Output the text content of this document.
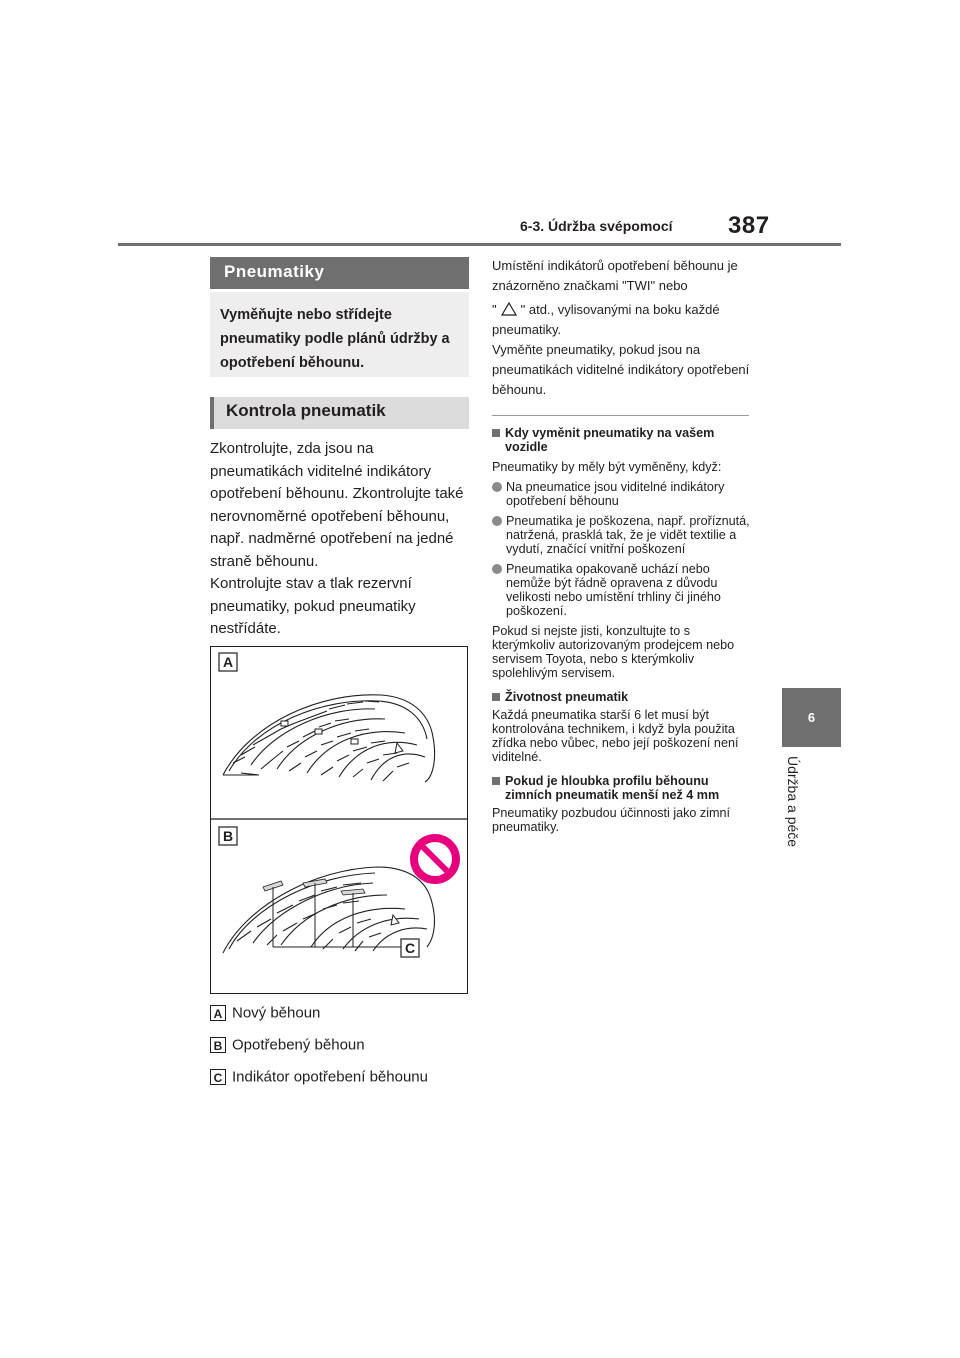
6-3. Údržba svépomocí 387
6
Údržba a péče
Pneumatiky
Vyměňujte nebo střídejte pneumatiky podle plánů údržby a opotřebení běhounu.
Kontrola pneumatik

Zkontrolujte, zda jsou na pneumatikách viditelné indikátory opotřebení běhounu. Zkontrolujte také nerovnoměrné opotřebení běhounu, např. nadměrné opotřebení na jedné straně běhounu.

Kontrolujte stav a tlak rezervní pneumatiky, pokud pneumatiky nestřídáte.

A
B
C
A Nový běhoun
B Opotřebený běhoun
C Indikátor opotřebení běhounu

Umístění indikátorů opotřebení běhounu je znázorněno značkami "TWI" nebo

" " atd., vylisovanými na boku každé pneumatiky.

Vyměňte pneumatiky, pokud jsou na pneumatikách viditelné indikátory opotřebení běhounu.

Kdy vyměnit pneumatiky na vašem vozidle

Pneumatiky by měly být vyměněny, když:

Na pneumatice jsou viditelné indikátory opotřebení běhounu

Pneumatika je poškozena, např. proříznutá, natržená, prasklá tak, že je vidět textilie a vydutí, značící vnitřní poškození

Pneumatika opakovaně uchází nebo nemůže být řádně opravena z důvodu velikosti nebo umístění trhliny či jiného poškození.

Pokud si nejste jisti, konzultujte to s kterýmkoliv autorizovaným prodejcem nebo servisem Toyota, nebo s kterýmkoliv spolehlivým servisem.

Životnost pneumatik

Každá pneumatika starší 6 let musí být kontrolována technikem, i když byla použita zřídka nebo vůbec, nebo její poškození není viditelné.

Pokud je hloubka profilu běhounu zimních pneumatik menší než 4 mm

Pneumatiky pozbudou účinnosti jako zimní pneumatiky.
